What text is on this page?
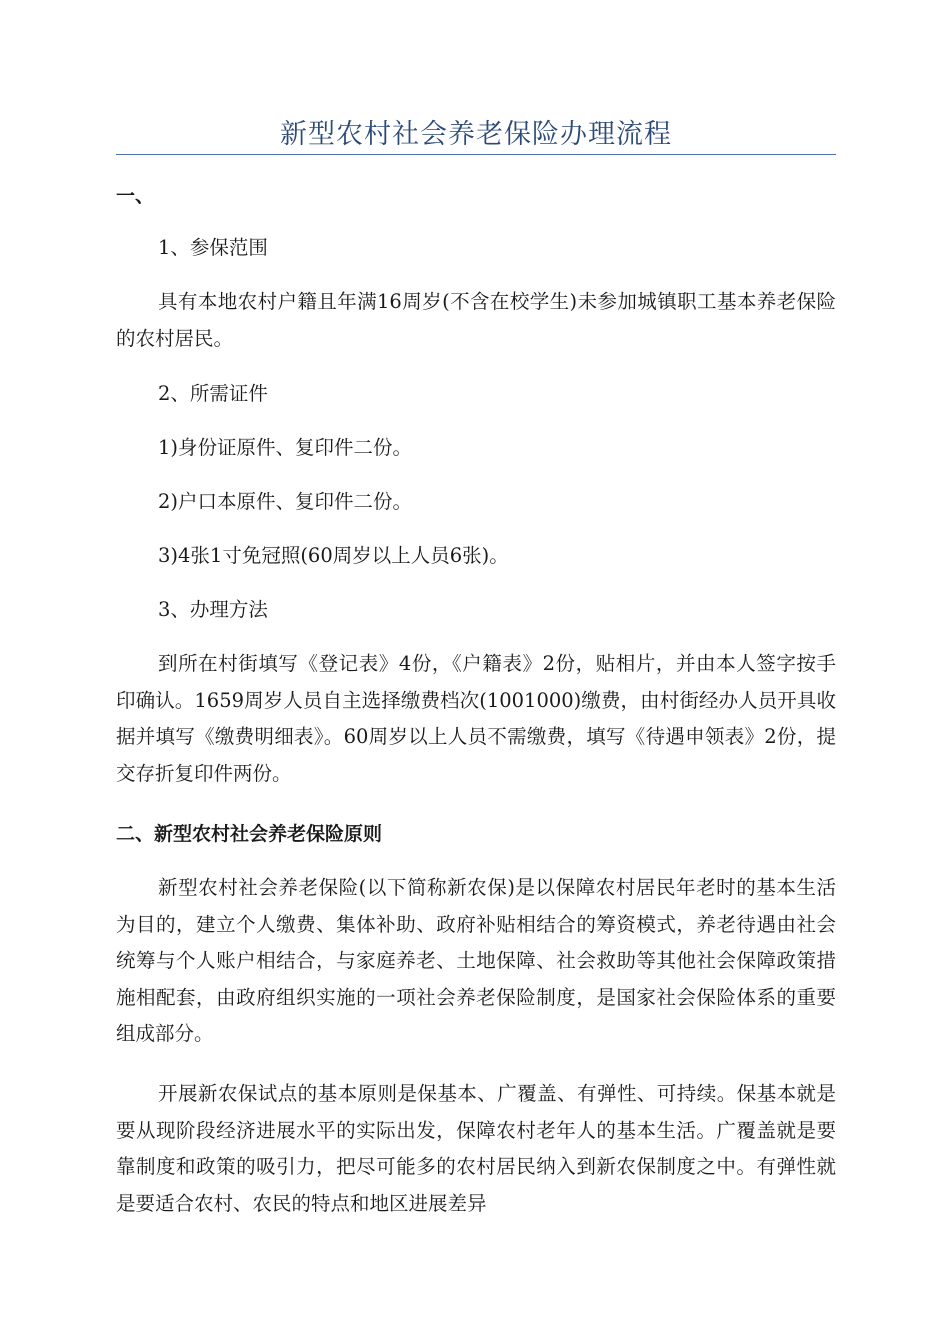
新型农村社会养老保险办理流程

一、

1、参保范围

具有本地农村户籍且年满16周岁(不含在校学生)未参加城镇职工基本养老保险的农村居民。

2、所需证件

1)身份证原件、复印件二份。

2)户口本原件、复印件二份。

3)4张1寸免冠照(60周岁以上人员6张)。

3、办理方法

到所在村街填写《登记表》4份，《户籍表》2份，贴相片，并由本人签字按手印确认。1659周岁人员自主选择缴费档次(1001000)缴费，由村街经办人员开具收据并填写《缴费明细表》。60周岁以上人员不需缴费，填写《待遇申领表》2份，提交存折复印件两份。

二、新型农村社会养老保险原则

新型农村社会养老保险(以下简称新农保)是以保障农村居民年老时的基本生活为目的，建立个人缴费、集体补助、政府补贴相结合的筹资模式，养老待遇由社会统筹与个人账户相结合，与家庭养老、土地保障、社会救助等其他社会保障政策措施相配套，由政府组织实施的一项社会养老保险制度，是国家社会保险体系的重要组成部分。

开展新农保试点的基本原则是保基本、广覆盖、有弹性、可持续。保基本就是要从现阶段经济进展水平的实际出发，保障农村老年人的基本生活。广覆盖就是要靠制度和政策的吸引力，把尽可能多的农村居民纳入到新农保制度之中。有弹性就是要适合农村、农民的特点和地区进展差异
